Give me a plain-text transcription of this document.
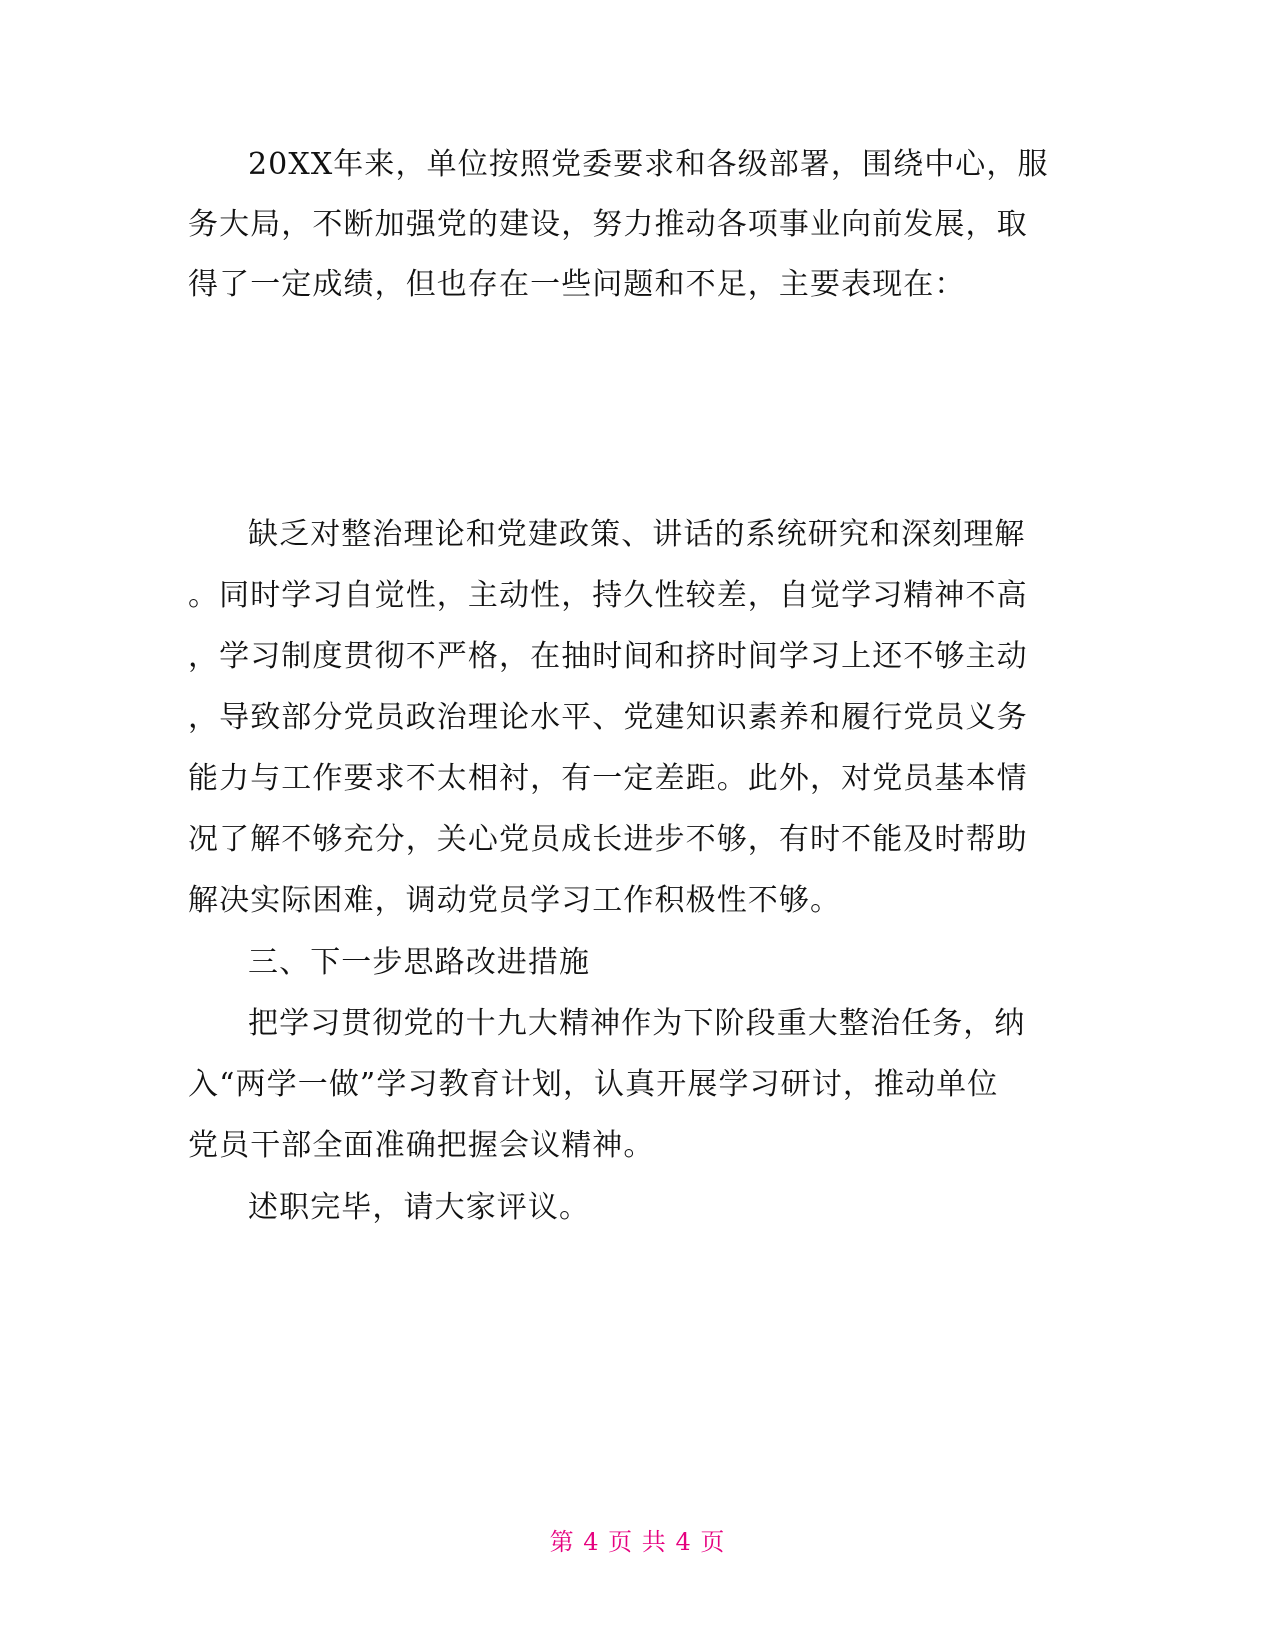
20XX年来，单位按照党委要求和各级部署，围绕中心，服
务大局，不断加强党的建设，努力推动各项事业向前发展，取
得了一定成绩，但也存在一些问题和不足，主要表现在：
缺乏对整治理论和党建政策、讲话的系统研究和深刻理解
。同时学习自觉性，主动性，持久性较差，自觉学习精神不高
，学习制度贯彻不严格，在抽时间和挤时间学习上还不够主动
，导致部分党员政治理论水平、党建知识素养和履行党员义务
能力与工作要求不太相衬，有一定差距。此外，对党员基本情
况了解不够充分，关心党员成长进步不够，有时不能及时帮助
解决实际困难，调动党员学习工作积极性不够。
三、下一步思路改进措施
把学习贯彻党的十九大精神作为下阶段重大整治任务，纳
入“两学一做”学习教育计划，认真开展学习研讨，推动单位
党员干部全面准确把握会议精神。
述职完毕，请大家评议。
第 4 页 共 4 页
